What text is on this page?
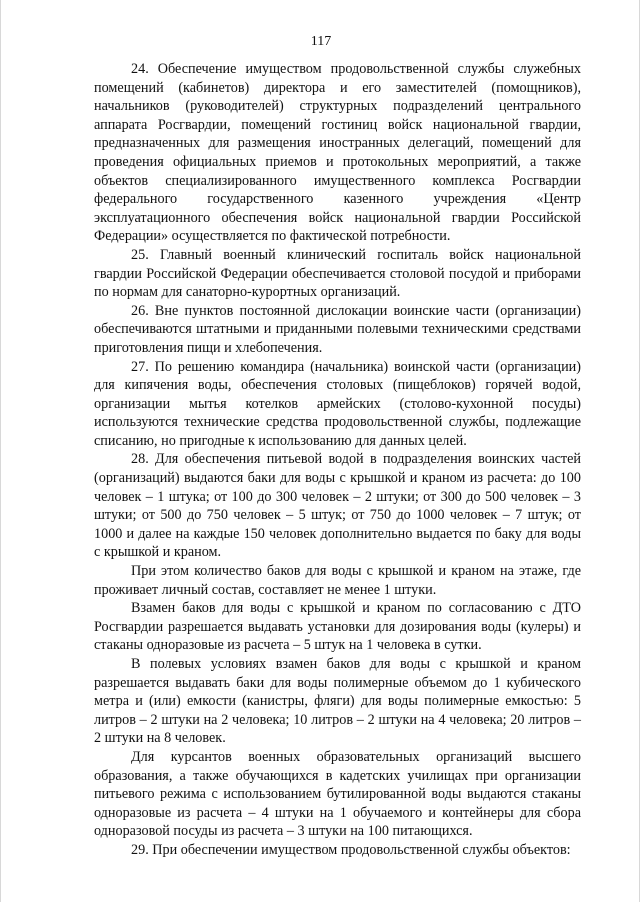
117

24. Обеспечение имуществом продовольственной службы служебных помещений (кабинетов) директора и его заместителей (помощников), начальников (руководителей) структурных подразделений центрального аппарата Росгвардии, помещений гостиниц войск национальной гвардии, предназначенных для размещения иностранных делегаций, помещений для проведения официальных приемов и протокольных мероприятий, а также объектов специализированного имущественного комплекса Росгвардии федерального государственного казенного учреждения «Центр эксплуатационного обеспечения войск национальной гвардии Российской Федерации» осуществляется по фактической потребности.

25. Главный военный клинический госпиталь войск национальной гвардии Российской Федерации обеспечивается столовой посудой и приборами по нормам для санаторно-курортных организаций.

26. Вне пунктов постоянной дислокации воинские части (организации) обеспечиваются штатными и приданными полевыми техническими средствами приготовления пищи и хлебопечения.

27. По решению командира (начальника) воинской части (организации) для кипячения воды, обеспечения столовых (пищеблоков) горячей водой, организации мытья котелков армейских (столово-кухонной посуды) используются технические средства продовольственной службы, подлежащие списанию, но пригодные к использованию для данных целей.

28. Для обеспечения питьевой водой в подразделения воинских частей (организаций) выдаются баки для воды с крышкой и краном из расчета: до 100 человек – 1 штука; от 100 до 300 человек – 2 штуки; от 300 до 500 человек – 3 штуки; от 500 до 750 человек – 5 штук; от 750 до 1000 человек – 7 штук; от 1000 и далее на каждые 150 человек дополнительно выдается по баку для воды с крышкой и краном.

При этом количество баков для воды с крышкой и краном на этаже, где проживает личный состав, составляет не менее 1 штуки.

Взамен баков для воды с крышкой и краном по согласованию с ДТО Росгвардии разрешается выдавать установки для дозирования воды (кулеры) и стаканы одноразовые из расчета – 5 штук на 1 человека в сутки.

В полевых условиях взамен баков для воды с крышкой и краном разрешается выдавать баки для воды полимерные объемом до 1 кубического метра и (или) емкости (канистры, фляги) для воды полимерные емкостью: 5 литров – 2 штуки на 2 человека; 10 литров – 2 штуки на 4 человека; 20 литров – 2 штуки на 8 человек.

Для курсантов военных образовательных организаций высшего образования, а также обучающихся в кадетских училищах при организации питьевого режима с использованием бутилированной воды выдаются стаканы одноразовые из расчета – 4 штуки на 1 обучаемого и контейнеры для сбора одноразовой посуды из расчета – 3 штуки на 100 питающихся.

29. При обеспечении имуществом продовольственной службы объектов:
